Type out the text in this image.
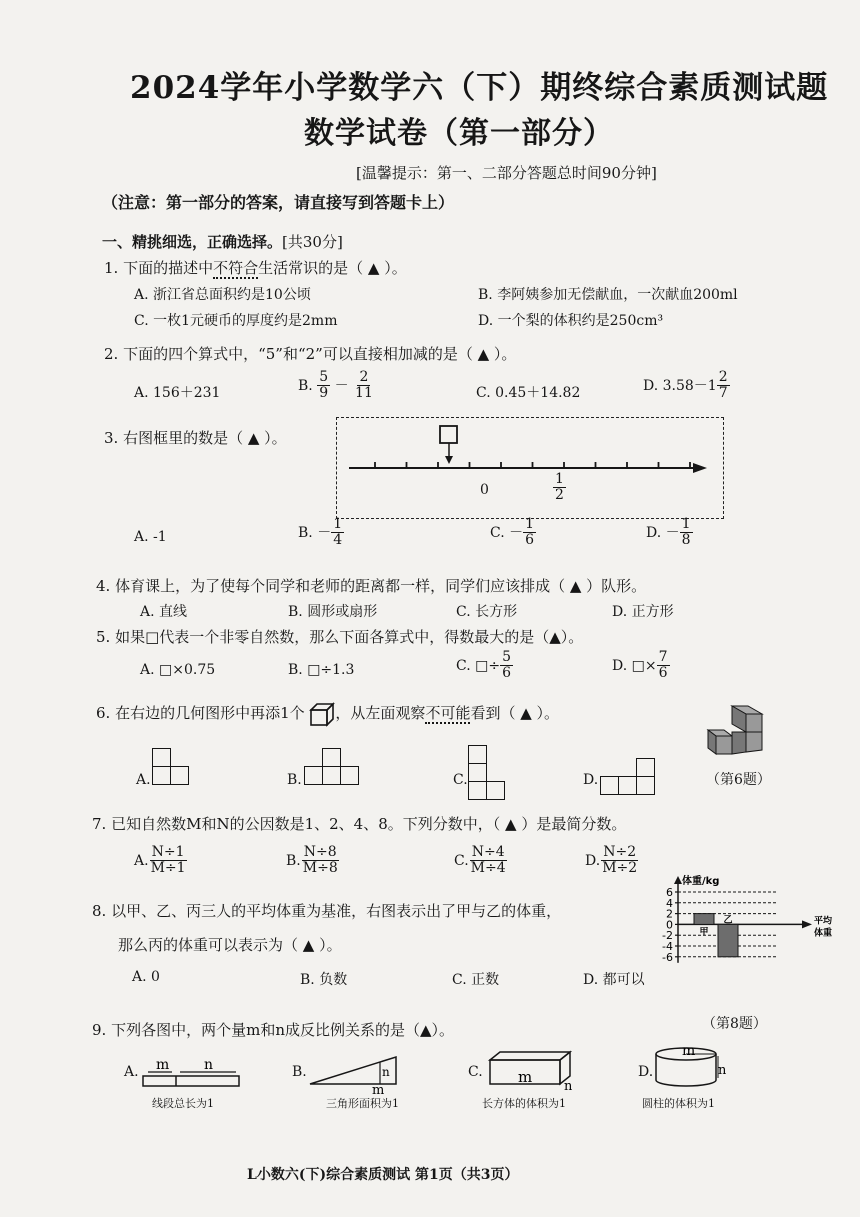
2024学年小学数学六（下）期终综合素质测试题
数学试卷（第一部分）
[温馨提示：第一、二部分答题总时间90分钟]
（注意：第一部分的答案，请直接写到答题卡上）
一、精挑细选，正确选择。[共30分]
1. 下面的描述中不符合生活常识的是（ ▲ ）。
A. 浙江省总面积约是10公顷	B. 李阿姨参加无偿献血，一次献血200ml
C. 一枚1元硬币的厚度约是2mm	D. 一个梨的体积约是250cm³
2. 下面的四个算式中，“5”和“2”可以直接相加减的是（ ▲ ）。
A. 156＋231	B. $\frac{5}{9} - \frac{2}{11}$	C. 0.45＋14.82	D. $3.58-1 \frac{2}{7}$
3. 右图框里的数是（ ▲ ）。
0	$\frac{1}{2}$
A. -1	B. － $\frac{1}{4}$	C. － $\frac{1}{6}$	D. － $\frac{1}{8}$
4. 体育课上，为了使每个同学和老师的距离都一样，同学们应该排成（ ▲ ）队形。
A. 直线	B. 圆形或扇形	C. 长方形	D. 正方形
5. 如果□代表一个非零自然数，那么下面各算式中，得数最大的是（▲）。
A. □×0.75	B. □÷1.3	C. □÷ $\frac{5}{6}$	D. □× $\frac{7}{6}$
6. 在右边的几何图形中再添1个 ，从左面观察不可能看到（ ▲ ）。
（第6题）
A.

		B.

			C.

		D.

7. 已知自然数M和N的公因数是1、2、4、8。下列分数中，（ ▲ ）是最简分数。
A. $\frac{N\div 1}{M\div 1}$	B. $\frac{N\div 8}{M\div 8}$	C. $\frac{N\div 4}{M\div 4}$	D. $\frac{N\div 2}{M\div 2}$
8. 以甲、乙、丙三人的平均体重为基准，右图表示出了甲与乙的体重，
那么丙的体重可以表示为（ ▲ ）。
A. 0	B. 负数	C. 正数	D. 都可以
体重/kg
6
4
2
0
-2
-4
-6
平均
体重
甲
乙
（第8题）
9. 下列各图中，两个量m和n成反比例关系的是（▲）。
A. m n
线段总长为1
B.	n
m
三角形面积为1
C. m
n
长方体的体积为1
D.
m
n
圆柱的体积为1
L小数六(下)综合素质测试 第1页（共3页）
